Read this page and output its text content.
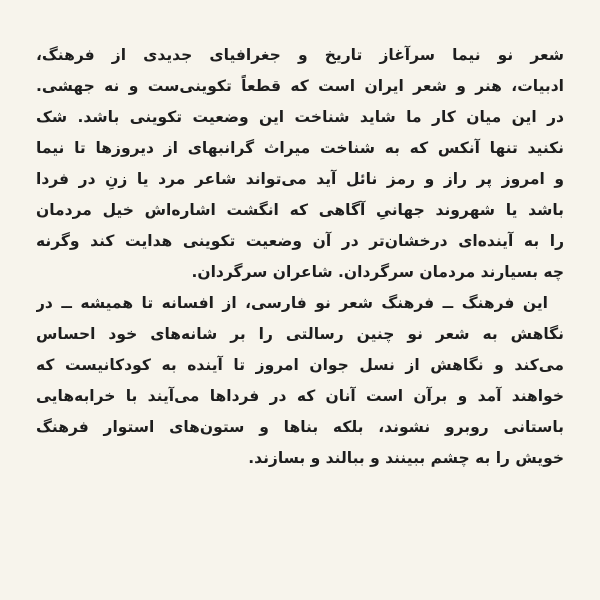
شعر نو نیما سرآغاز تاریخ و جغرافیای جدیدی از فرهنگ،
ادبیات، هنر و شعر ایران است که قطعاً تکوینی‌ست و نه جهشی.
در این میان کار ما شاید شناخت این وضعیت تکوینی باشد. شک
نکنید تنها آنکس که به شناخت میراث گرانبهای از دیروزها تا نیما
و امروز پر راز و رمز نائل آید می‌تواند شاعر مرد یا زنِ در فردا
باشد یا شهروند جهانیِ آگاهی که انگشت اشاره‌اش خیل مردمان
را به آینده‌ای درخشان‌تر در آن وضعیت تکوینی هدایت کند وگرنه
چه بسیارند مردمان سرگردان. شاعران سرگردان.

این فرهنگ ــ فرهنگ شعر نو فارسی، از افسانه تا همیشه ــ در
نگاهش به شعر نو چنین رسالتی را بر شانه‌های خود احساس
می‌کند و نگاهش از نسل جوان امروز تا آینده به کودکانیست که
خواهند آمد و برآن است آنان که در فرداها می‌آیند با خرابه‌هایی
باستانی روبرو نشوند، بلکه بناها و ستون‌های استوار فرهنگ
خویش را به چشم ببینند و ببالند و بسازند.
